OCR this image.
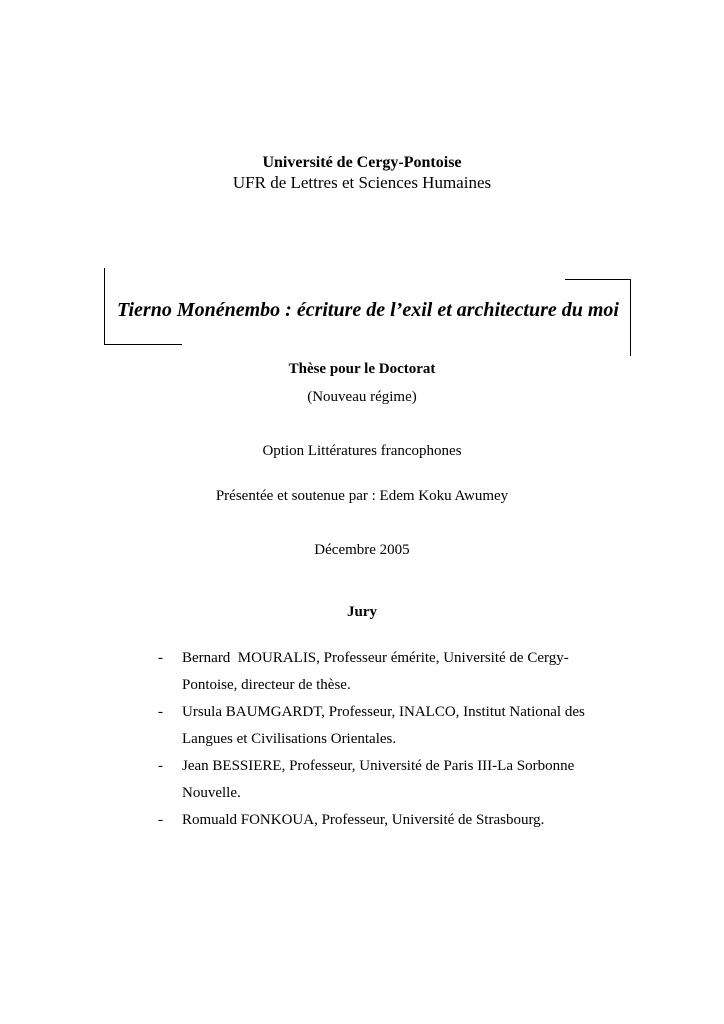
Université de Cergy-Pontoise
UFR de Lettres et Sciences Humaines
Tierno Monénembo : écriture de l’exil et architecture du moi
Thèse pour le Doctorat
(Nouveau régime)
Option Littératures francophones
Présentée et soutenue par : Edem Koku Awumey
Décembre 2005
Jury
- Bernard  MOURALIS, Professeur émérite, Université de Cergy-Pontoise, directeur de thèse.
- Ursula BAUMGARDT, Professeur, INALCO, Institut National des Langues et Civilisations Orientales.
- Jean BESSIERE, Professeur, Université de Paris III-La Sorbonne Nouvelle.
- Romuald FONKOUA, Professeur, Université de Strasbourg.
